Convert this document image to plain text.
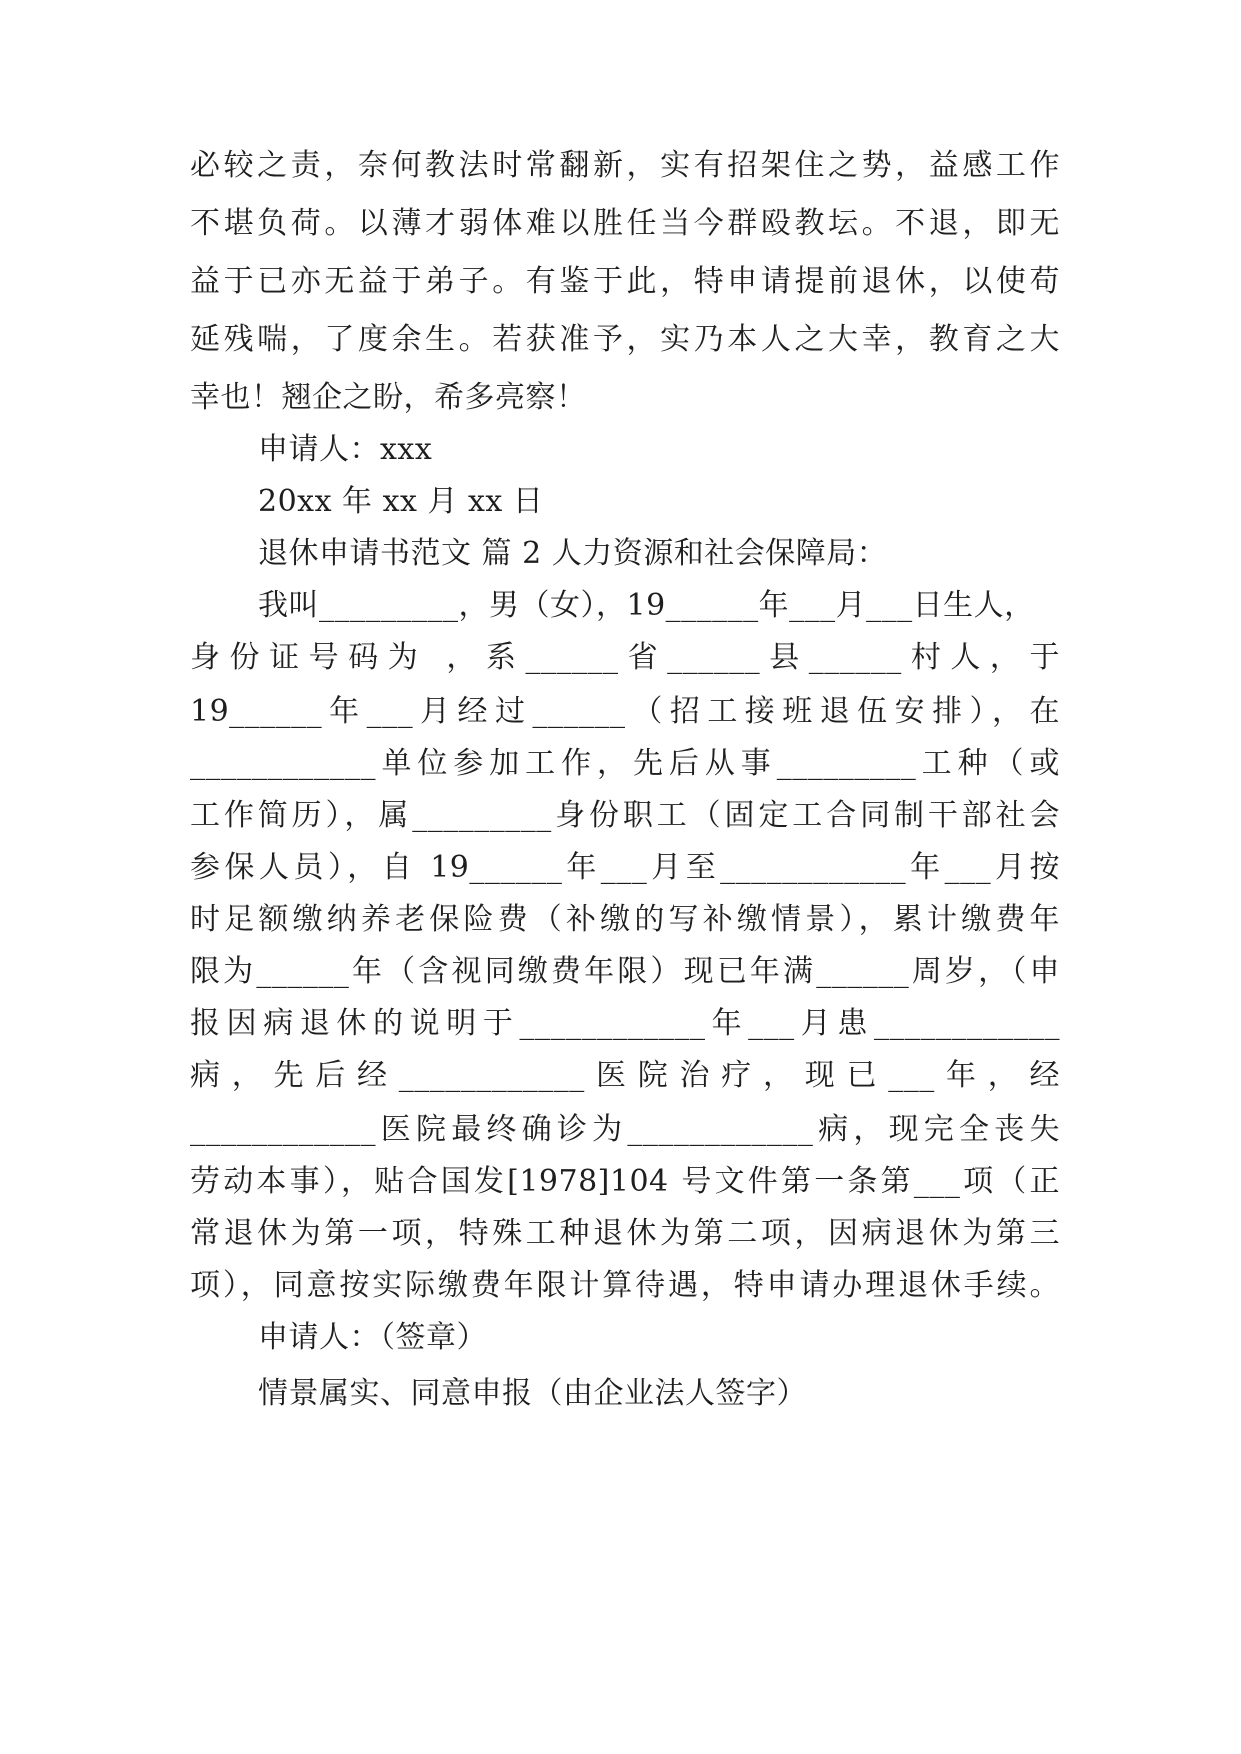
必较之责，奈何教法时常翻新，实有招架住之势，益感工作
不堪负荷。以薄才弱体难以胜任当今群殴教坛。不退，即无
益于已亦无益于弟子。有鉴于此，特申请提前退休，以使苟
延残喘，了度余生。若获准予，实乃本人之大幸，教育之大
幸也！翘企之盼，希多亮察！
申请人：xxx
20xx 年 xx 月 xx 日
退休申请书范文 篇 2 人力资源和社会保障局：
我叫_________，男（女），19______年___月___日生人，
身份证号码为 ，系______省______县______村人，于
19______年___月经过______（招工接班退伍安排），在
____________单位参加工作，先后从事_________工种（或
工作简历），属_________身份职工（固定工合同制干部社会
参保人员），自 19______年___月至____________年___月按
时足额缴纳养老保险费（补缴的写补缴情景），累计缴费年
限为______年（含视同缴费年限）现已年满______周岁，（申
报因病退休的说明于____________年___月患____________
病，先后经____________医院治疗，现已___年，经
____________医院最终确诊为____________病，现完全丧失
劳动本事），贴合国发[1978]104 号文件第一条第___项（正
常退休为第一项，特殊工种退休为第二项，因病退休为第三
项），同意按实际缴费年限计算待遇，特申请办理退休手续。
申请人：（签章）
情景属实、同意申报（由企业法人签字）
